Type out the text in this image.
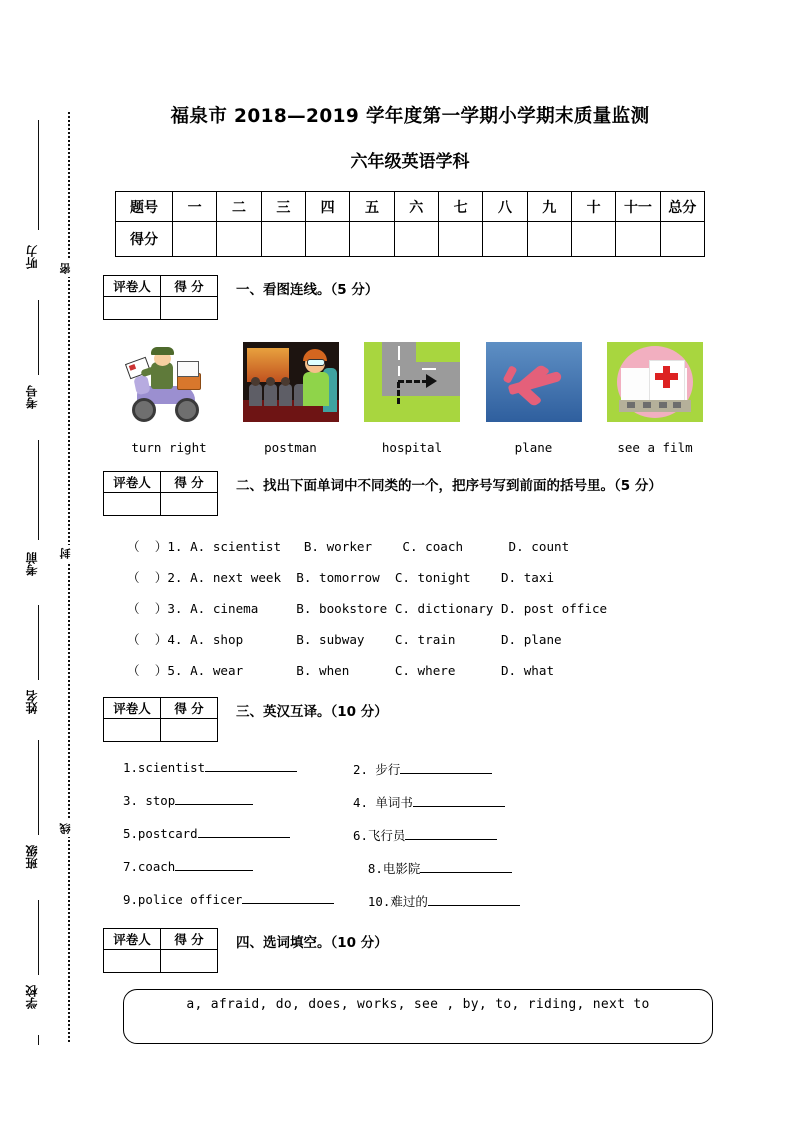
密
封
线
听力
考号
考前
姓名
班级
学校
福泉市 2018—2019 学年度第一学期小学期末质量监测
六年级英语学科
题号	一	二	三	四	五	六	七	八	九	十	十一	总分
得分												
评卷人	得 分
	一、看图连线。（5 分）
turn right	postman	hospital	plane	see a film
评卷人	得 分
	二、找出下面单词中不同类的一个，把序号写到前面的括号里。（5 分）
（  ）1. A. scientist   B. worker    C. coach      D. count
（  ）2. A. next week  B. tomorrow  C. tonight    D. taxi
（  ）3. A. cinema     B. bookstore C. dictionary D. post office
（  ）4. A. shop       B. subway    C. train      D. plane
（  ）5. A. wear       B. when      C. where      D. what
评卷人	得 分
	三、英汉互译。（10 分）
1.scientist	2. 步行
3. stop	4. 单词书
5.postcard	6.飞行员
7.coach	8.电影院
9.police officer	10.难过的
评卷人	得 分
	四、选词填空。（10 分）
a, afraid, do, does, works, see , by, to, riding, next to
